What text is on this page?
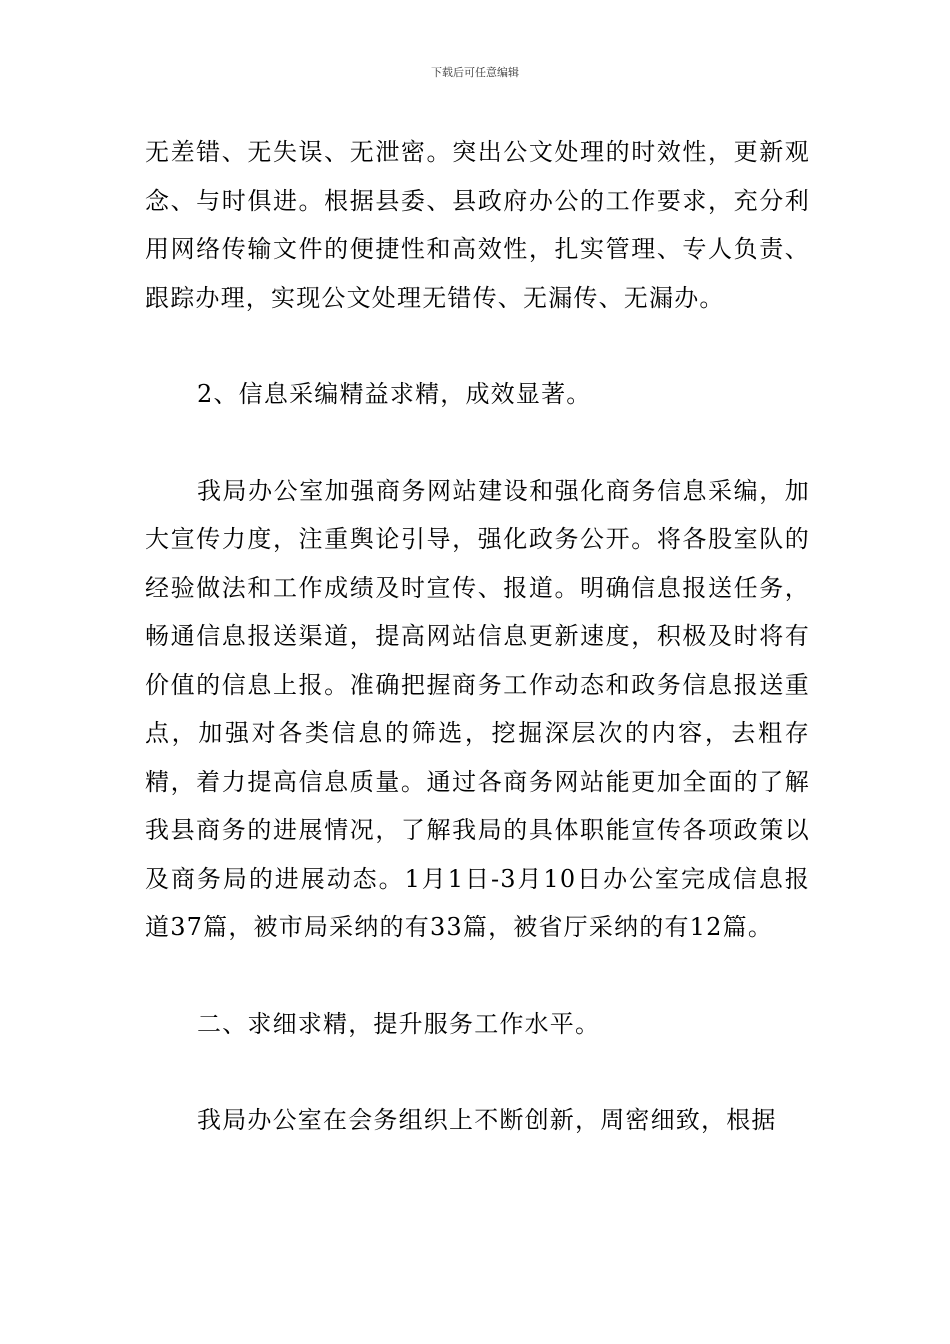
下载后可任意编辑

无差错、无失误、无泄密。突出公文处理的时效性，更新观念、与时俱进。根据县委、县政府办公的工作要求，充分利用网络传输文件的便捷性和高效性，扎实管理、专人负责、跟踪办理，实现公文处理无错传、无漏传、无漏办。

2、信息采编精益求精，成效显著。

我局办公室加强商务网站建设和强化商务信息采编，加大宣传力度，注重舆论引导，强化政务公开。将各股室队的经验做法和工作成绩及时宣传、报道。明确信息报送任务，畅通信息报送渠道，提高网站信息更新速度，积极及时将有价值的信息上报。准确把握商务工作动态和政务信息报送重点，加强对各类信息的筛选，挖掘深层次的内容，去粗存精，着力提高信息质量。通过各商务网站能更加全面的了解我县商务的进展情况，了解我局的具体职能宣传各项政策以及商务局的进展动态。1月1日-3月10日办公室完成信息报道37篇，被市局采纳的有33篇，被省厅采纳的有12篇。

二、求细求精，提升服务工作水平。

我局办公室在会务组织上不断创新，周密细致，根据
